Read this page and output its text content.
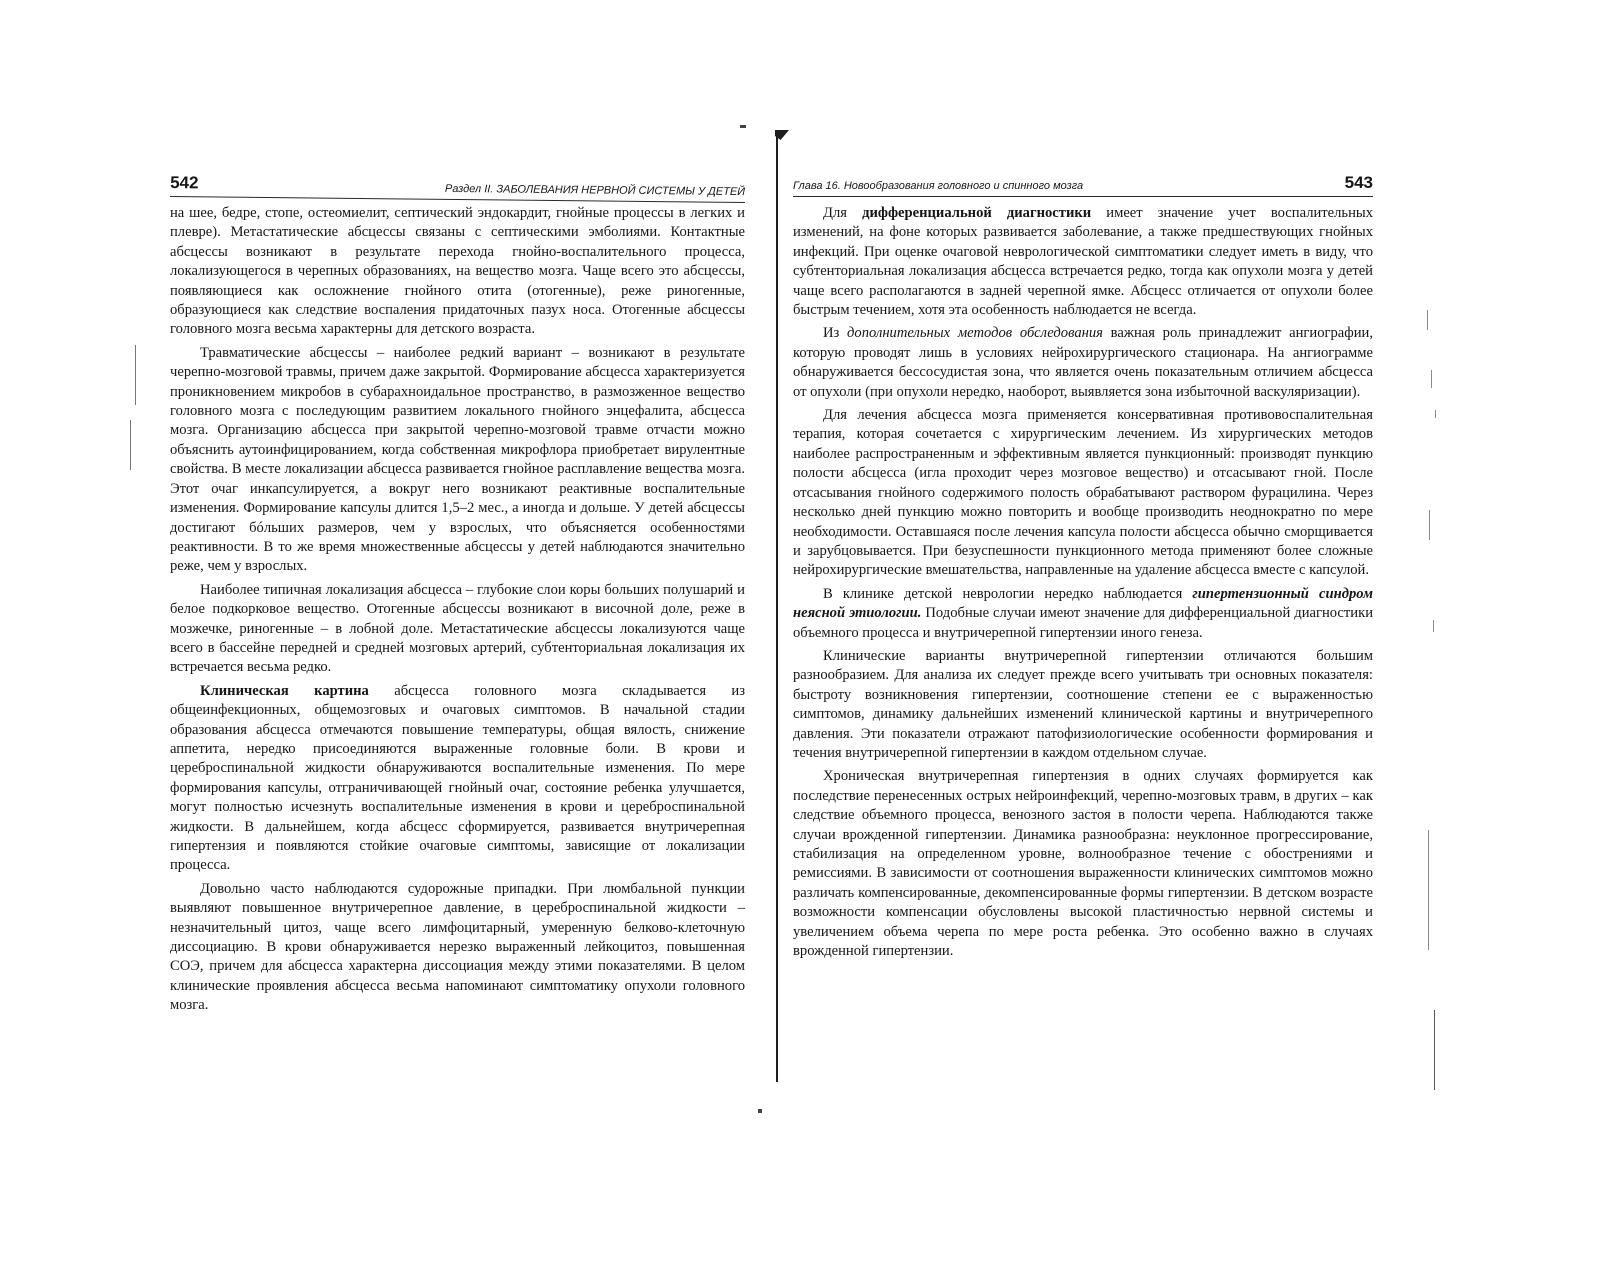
542	Раздел II. ЗАБОЛЕВАНИЯ НЕРВНОЙ СИСТЕМЫ У ДЕТЕЙ

на шее, бедре, стопе, остеомиелит, септический эндокардит, гнойные процессы в легких и плевре). Метастатические абсцессы связаны с септическими эмболиями. Контактные абсцессы возникают в результате перехода гнойно-воспалительного процесса, локализующегося в черепных образованиях, на вещество мозга. Чаще всего это абсцессы, появляющиеся как осложнение гнойного отита (отогенные), реже риногенные, образующиеся как следствие воспаления придаточных пазух носа. Отогенные абсцессы головного мозга весьма характерны для детского возраста.

Травматические абсцессы – наиболее редкий вариант – возникают в результате черепно-мозговой травмы, причем даже закрытой. Формирование абсцесса характеризуется проникновением микробов в субарахноидальное пространство, в размозженное вещество головного мозга с последующим развитием локального гнойного энцефалита, абсцесса мозга. Организацию абсцесса при закрытой черепно-мозговой травме отчасти можно объяснить аутоинфицированием, когда собственная микрофлора приобретает вирулентные свойства. В месте локализации абсцесса развивается гнойное расплавление вещества мозга. Этот очаг инкапсулируется, а вокруг него возникают реактивные воспалительные изменения. Формирование капсулы длится 1,5–2 мес., а иногда и дольше. У детей абсцессы достигают бóльших размеров, чем у взрослых, что объясняется особенностями реактивности. В то же время множественные абсцессы у детей наблюдаются значительно реже, чем у взрослых.

Наиболее типичная локализация абсцесса – глубокие слои коры больших полушарий и белое подкорковое вещество. Отогенные абсцессы возникают в височной доле, реже в мозжечке, риногенные – в лобной доле. Метастатические абсцессы локализуются чаще всего в бассейне передней и средней мозговых артерий, субтенториальная локализация их встречается весьма редко.

Клиническая картина абсцесса головного мозга складывается из общеинфекционных, общемозговых и очаговых симптомов. В начальной стадии образования абсцесса отмечаются повышение температуры, общая вялость, снижение аппетита, нередко присоединяются выраженные головные боли. В крови и цереброспинальной жидкости обнаруживаются воспалительные изменения. По мере формирования капсулы, отграничивающей гнойный очаг, состояние ребенка улучшается, могут полностью исчезнуть воспалительные изменения в крови и цереброспинальной жидкости. В дальнейшем, когда абсцесс сформируется, развивается внутричерепная гипертензия и появляются стойкие очаговые симптомы, зависящие от локализации процесса.

Довольно часто наблюдаются судорожные припадки. При люмбальной пункции выявляют повышенное внутричерепное давление, в цереброспинальной жидкости – незначительный цитоз, чаще всего лимфоцитарный, умеренную белково-клеточную диссоциацию. В крови обнаруживается нерезко выраженный лейкоцитоз, повышенная СОЭ, причем для абсцесса характерна диссоциация между этими показателями. В целом клинические проявления абсцесса весьма напоминают симптоматику опухоли головного мозга.

Глава 16. Новообразования головного и спинного мозга	543

Для дифференциальной диагностики имеет значение учет воспалительных изменений, на фоне которых развивается заболевание, а также предшествующих гнойных инфекций. При оценке очаговой неврологической симптоматики следует иметь в виду, что субтенториальная локализация абсцесса встречается редко, тогда как опухоли мозга у детей чаще всего располагаются в задней черепной ямке. Абсцесс отличается от опухоли более быстрым течением, хотя эта особенность наблюдается не всегда.

Из дополнительных методов обследования важная роль принадлежит ангиографии, которую проводят лишь в условиях нейрохирургического стационара. На ангиограмме обнаруживается бессосудистая зона, что является очень показательным отличием абсцесса от опухоли (при опухоли нередко, наоборот, выявляется зона избыточной васкуляризации).

Для лечения абсцесса мозга применяется консервативная противовоспалительная терапия, которая сочетается с хирургическим лечением. Из хирургических методов наиболее распространенным и эффективным является пункционный: производят пункцию полости абсцесса (игла проходит через мозговое вещество) и отсасывают гной. После отсасывания гнойного содержимого полость обрабатывают раствором фурацилина. Через несколько дней пункцию можно повторить и вообще производить неоднократно по мере необходимости. Оставшаяся после лечения капсула полости абсцесса обычно сморщивается и зарубцовывается. При безуспешности пункционного метода применяют более сложные нейрохирургические вмешательства, направленные на удаление абсцесса вместе с капсулой.

В клинике детской неврологии нередко наблюдается гипертензионный синдром неясной этиологии. Подобные случаи имеют значение для дифференциальной диагностики объемного процесса и внутричерепной гипертензии иного генеза.

Клинические варианты внутричерепной гипертензии отличаются большим разнообразием. Для анализа их следует прежде всего учитывать три основных показателя: быстроту возникновения гипертензии, соотношение степени ее с выраженностью симптомов, динамику дальнейших изменений клинической картины и внутричерепного давления. Эти показатели отражают патофизиологические особенности формирования и течения внутричерепной гипертензии в каждом отдельном случае.

Хроническая внутричерепная гипертензия в одних случаях формируется как последствие перенесенных острых нейроинфекций, черепно-мозговых травм, в других – как следствие объемного процесса, венозного застоя в полости черепа. Наблюдаются также случаи врожденной гипертензии. Динамика разнообразна: неуклонное прогрессирование, стабилизация на определенном уровне, волнообразное течение с обострениями и ремиссиями. В зависимости от соотношения выраженности клинических симптомов можно различать компенсированные, декомпенсированные формы гипертензии. В детском возрасте возможности компенсации обусловлены высокой пластичностью нервной системы и увеличением объема черепа по мере роста ребенка. Это особенно важно в случаях врожденной гипертензии.
